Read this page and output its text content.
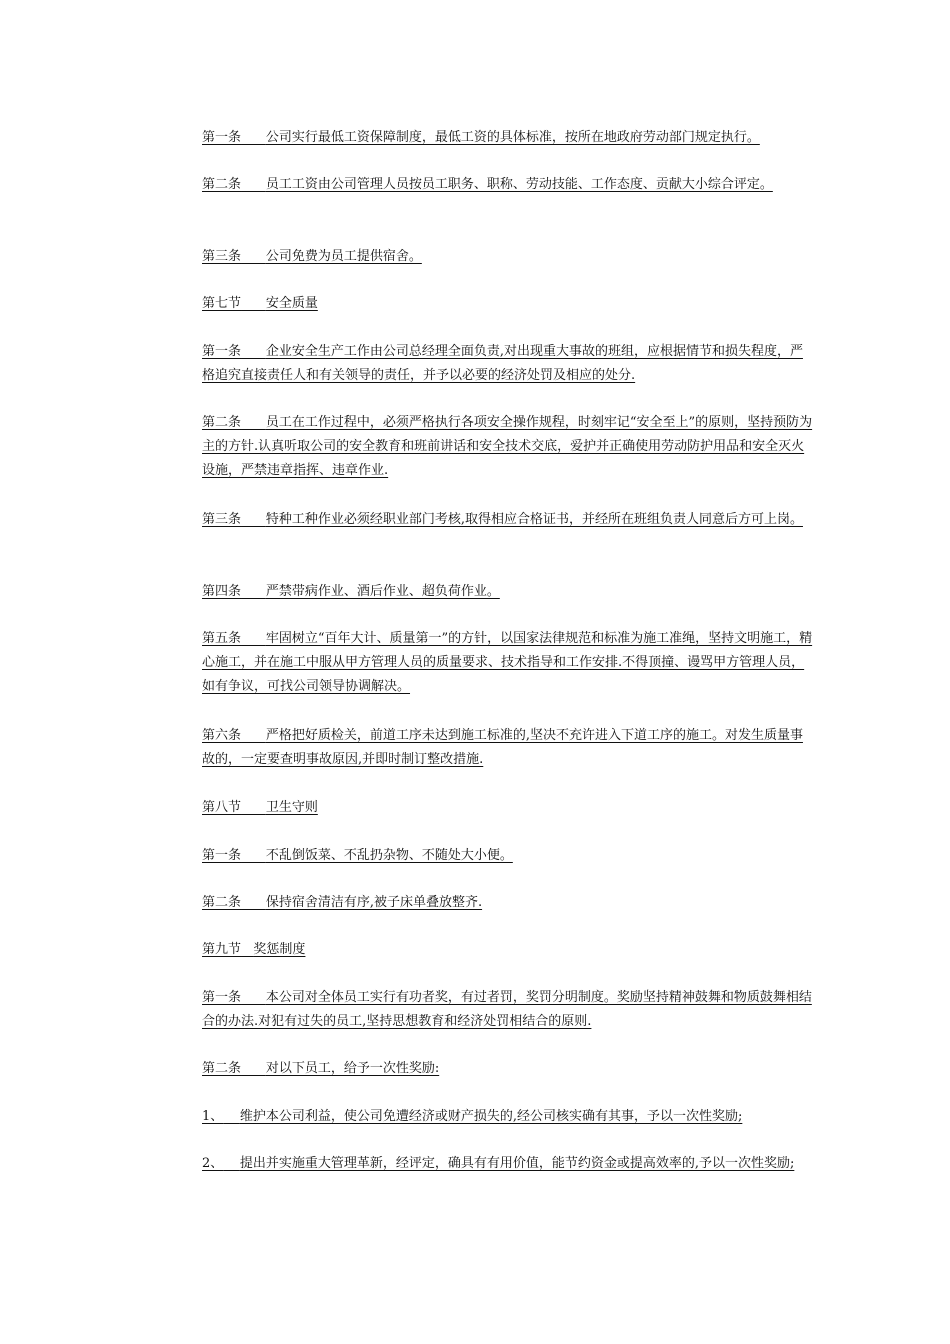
第一条 公司实行最低工资保障制度，最低工资的具体标准，按所在地政府劳动部门规定执行。

第二条 员工工资由公司管理人员按员工职务、职称、劳动技能、工作态度、贡献大小综合评定。

第三条 公司免费为员工提供宿舍。

第七节 安全质量

第一条 企业安全生产工作由公司总经理全面负责,对出现重大事故的班组，应根据情节和损失程度，严格追究直接责任人和有关领导的责任，并予以必要的经济处罚及相应的处分.

第二条 员工在工作过程中，必须严格执行各项安全操作规程，时刻牢记“安全至上”的原则，坚持预防为主的方针.认真听取公司的安全教育和班前讲话和安全技术交底，爱护并正确使用劳动防护用品和安全灭火设施，严禁违章指挥、违章作业.

第三条 特种工种作业必须经职业部门考核,取得相应合格证书，并经所在班组负责人同意后方可上岗。

第四条 严禁带病作业、酒后作业、超负荷作业。

第五条 牢固树立“百年大计、质量第一”的方针，以国家法律规范和标准为施工准绳，坚持文明施工，精心施工，并在施工中服从甲方管理人员的质量要求、技术指导和工作安排.不得顶撞、谩骂甲方管理人员，如有争议，可找公司领导协调解决。

第六条 严格把好质检关，前道工序未达到施工标准的,坚决不充许进入下道工序的施工。对发生质量事故的，一定要查明事故原因,并即时制订整改措施.

第八节 卫生守则

第一条 不乱倒饭菜、不乱扔杂物、不随处大小便。

第二条 保持宿舍清洁有序,被子床单叠放整齐.

第九节 奖惩制度

第一条 本公司对全体员工实行有功者奖，有过者罚，奖罚分明制度。奖励坚持精神鼓舞和物质鼓舞相结合的办法.对犯有过失的员工,坚持思想教育和经济处罚相结合的原则.

第二条 对以下员工，给予一次性奖励:

1、 维护本公司利益，使公司免遭经济或财产损失的,经公司核实确有其事，予以一次性奖励;

2、 提出并实施重大管理革新，经评定，确具有有用价值，能节约资金或提高效率的,予以一次性奖励;
